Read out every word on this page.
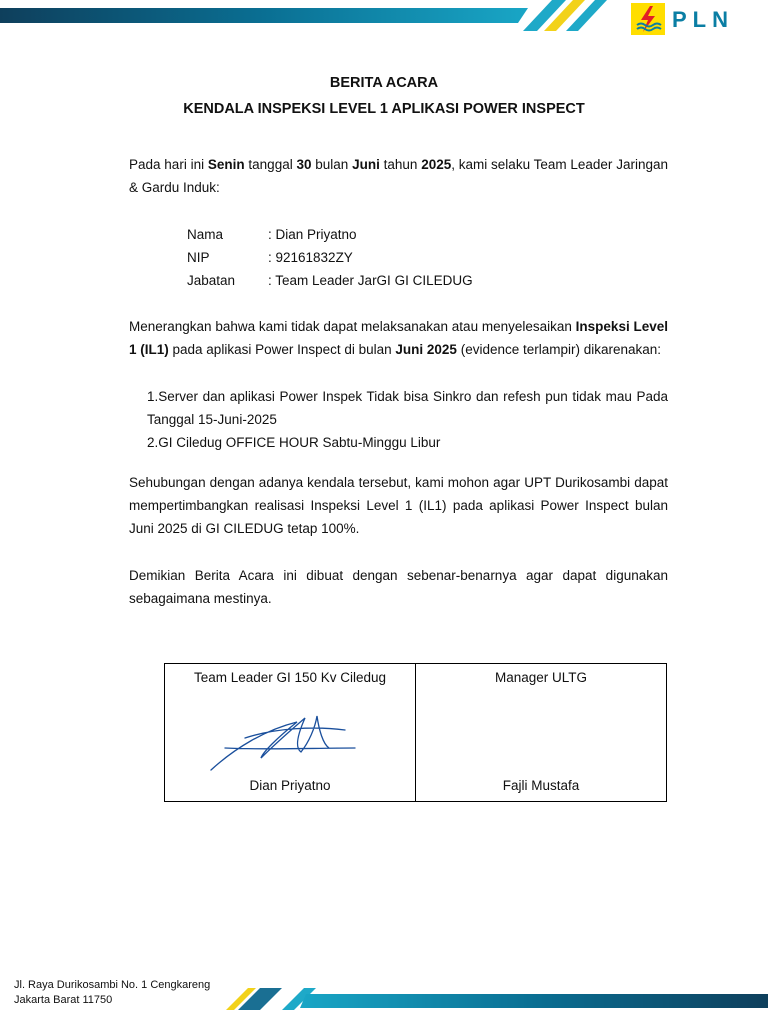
PLN
BERITA ACARA
KENDALA INSPEKSI LEVEL 1 APLIKASI POWER INSPECT
Pada hari ini Senin tanggal 30 bulan Juni tahun 2025, kami selaku Team Leader Jaringan & Gardu Induk:
Nama	: Dian Priyatno
NIP	: 92161832ZY
Jabatan : Team Leader JarGI GI CILEDUG
Menerangkan bahwa kami tidak dapat melaksanakan atau menyelesaikan Inspeksi Level 1 (IL1) pada aplikasi Power Inspect di bulan Juni 2025 (evidence terlampir) dikarenakan:
1.Server dan aplikasi Power Inspek Tidak bisa Sinkro dan refesh pun tidak mau Pada Tanggal 15-Juni-2025
2.GI Ciledug OFFICE HOUR Sabtu-Minggu Libur
Sehubungan dengan adanya kendala tersebut, kami mohon agar UPT Durikosambi dapat mempertimbangkan realisasi Inspeksi Level 1 (IL1) pada aplikasi Power Inspect bulan Juni 2025 di GI CILEDUG tetap 100%.
Demikian Berita Acara ini dibuat dengan sebenar-benarnya agar dapat digunakan sebagaimana mestinya.
Team Leader GI 150 Kv Ciledug
Dian Priyatno

Manager ULTG
Fajli Mustafa
Jl. Raya Durikosambi No. 1 Cengkareng
Jakarta Barat 11750
